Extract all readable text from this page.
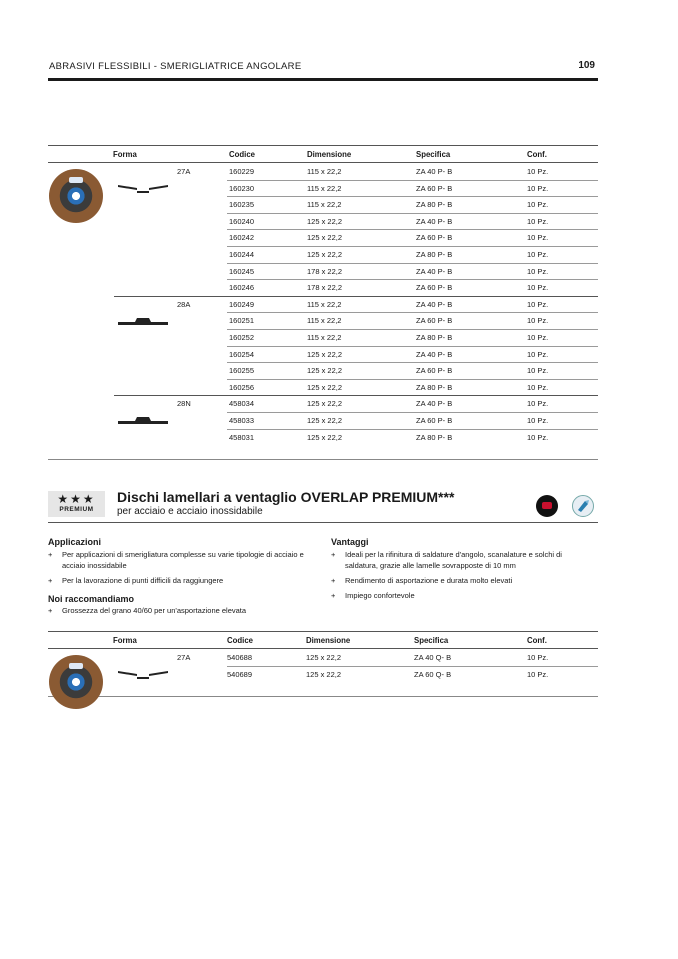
ABRASIVI FLESSIBILI - SMERIGLIATRICE ANGOLARE	109
Forma	Codice	Dimensione	Specifica	Conf.
27A	160229	115 x 22,2	ZA 40 P- B	10 Pz.
160230	115 x 22,2	ZA 60 P- B	10 Pz.
160235	115 x 22,2	ZA 80 P- B	10 Pz.
160240	125 x 22,2	ZA 40 P- B	10 Pz.
160242	125 x 22,2	ZA 60 P- B	10 Pz.
160244	125 x 22,2	ZA 80 P- B	10 Pz.
160245	178 x 22,2	ZA 40 P- B	10 Pz.
160246	178 x 22,2	ZA 60 P- B	10 Pz.
28A	160249	115 x 22,2	ZA 40 P- B	10 Pz.
160251	115 x 22,2	ZA 60 P- B	10 Pz.
160252	115 x 22,2	ZA 80 P- B	10 Pz.
160254	125 x 22,2	ZA 40 P- B	10 Pz.
160255	125 x 22,2	ZA 60 P- B	10 Pz.
160256	125 x 22,2	ZA 80 P- B	10 Pz.
28N	458034	125 x 22,2	ZA 40 P- B	10 Pz.
458033	125 x 22,2	ZA 60 P- B	10 Pz.
458031	125 x 22,2	ZA 80 P- B	10 Pz.
★★★
PREMIUM
Dischi lamellari a ventaglio OVERLAP PREMIUM***
per acciaio e acciaio inossidabile
Applicazioni
+ Per applicazioni di smerigliatura complesse su varie tipologie di acciaio e
acciaio inossidabile
+ Per la lavorazione di punti difficili da raggiungere
Noi raccomandiamo
+ Grossezza del grano 40/60 per un'asportazione elevata
Vantaggi
+ Ideali per la rifinitura di saldature d'angolo, scanalature e solchi di
saldatura, grazie alle lamelle sovrapposte di 10 mm
+ Rendimento di asportazione e durata molto elevati
+ Impiego confortevole
Forma	Codice	Dimensione	Specifica	Conf.
27A	540688	125 x 22,2	ZA 40 Q- B	10 Pz.
540689	125 x 22,2	ZA 60 Q- B	10 Pz.
